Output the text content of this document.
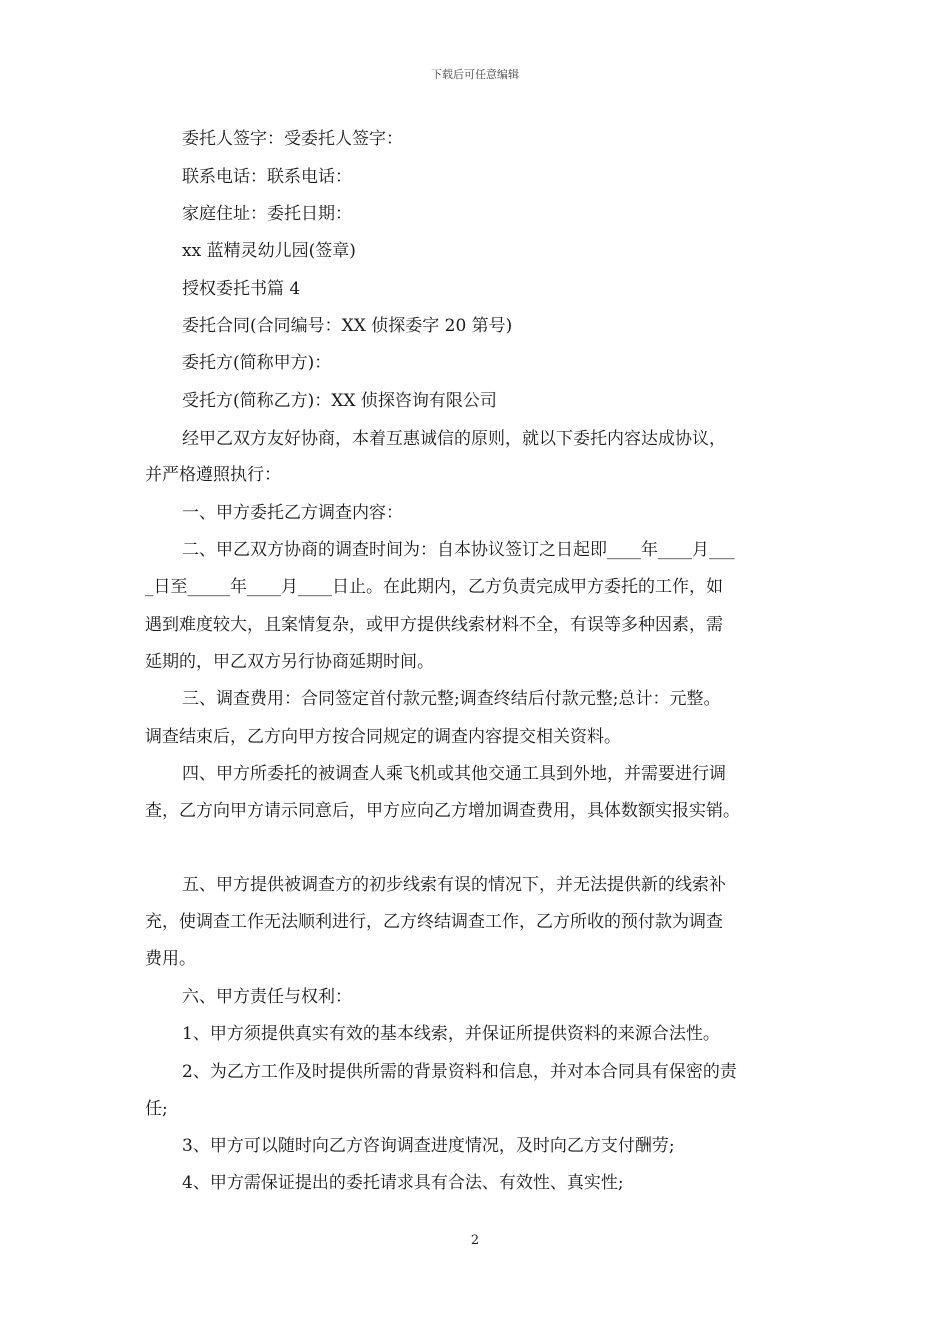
下载后可任意编辑
委托人签字：受委托人签字：
联系电话：联系电话：
家庭住址：委托日期：
xx 蓝精灵幼儿园(签章)
授权委托书篇 4
委托合同(合同编号：XX 侦探委字 20 第号)
委托方(简称甲方)：
受托方(简称乙方)：XX 侦探咨询有限公司
经甲乙双方友好协商，本着互惠诚信的原则，就以下委托内容达成协议，
并严格遵照执行：
一、甲方委托乙方调查内容：
二、甲乙双方协商的调查时间为：自本协议签订之日起即____年____月___
_日至_____年____月____日止。在此期内，乙方负责完成甲方委托的工作，如
遇到难度较大，且案情复杂，或甲方提供线索材料不全，有误等多种因素，需
延期的，甲乙双方另行协商延期时间。
三、调查费用：合同签定首付款元整;调查终结后付款元整;总计：元整。
调查结束后，乙方向甲方按合同规定的调查内容提交相关资料。
四、甲方所委托的被调查人乘飞机或其他交通工具到外地，并需要进行调
查，乙方向甲方请示同意后，甲方应向乙方增加调查费用，具体数额实报实销。
五、甲方提供被调查方的初步线索有误的情况下，并无法提供新的线索补
充，使调查工作无法顺利进行，乙方终结调查工作，乙方所收的预付款为调查
费用。
六、甲方责任与权利：
1、甲方须提供真实有效的基本线索，并保证所提供资料的来源合法性。
2、为乙方工作及时提供所需的背景资料和信息，并对本合同具有保密的责
任;
3、甲方可以随时向乙方咨询调查进度情况，及时向乙方支付酬劳;
4、甲方需保证提出的委托请求具有合法、有效性、真实性;
2
